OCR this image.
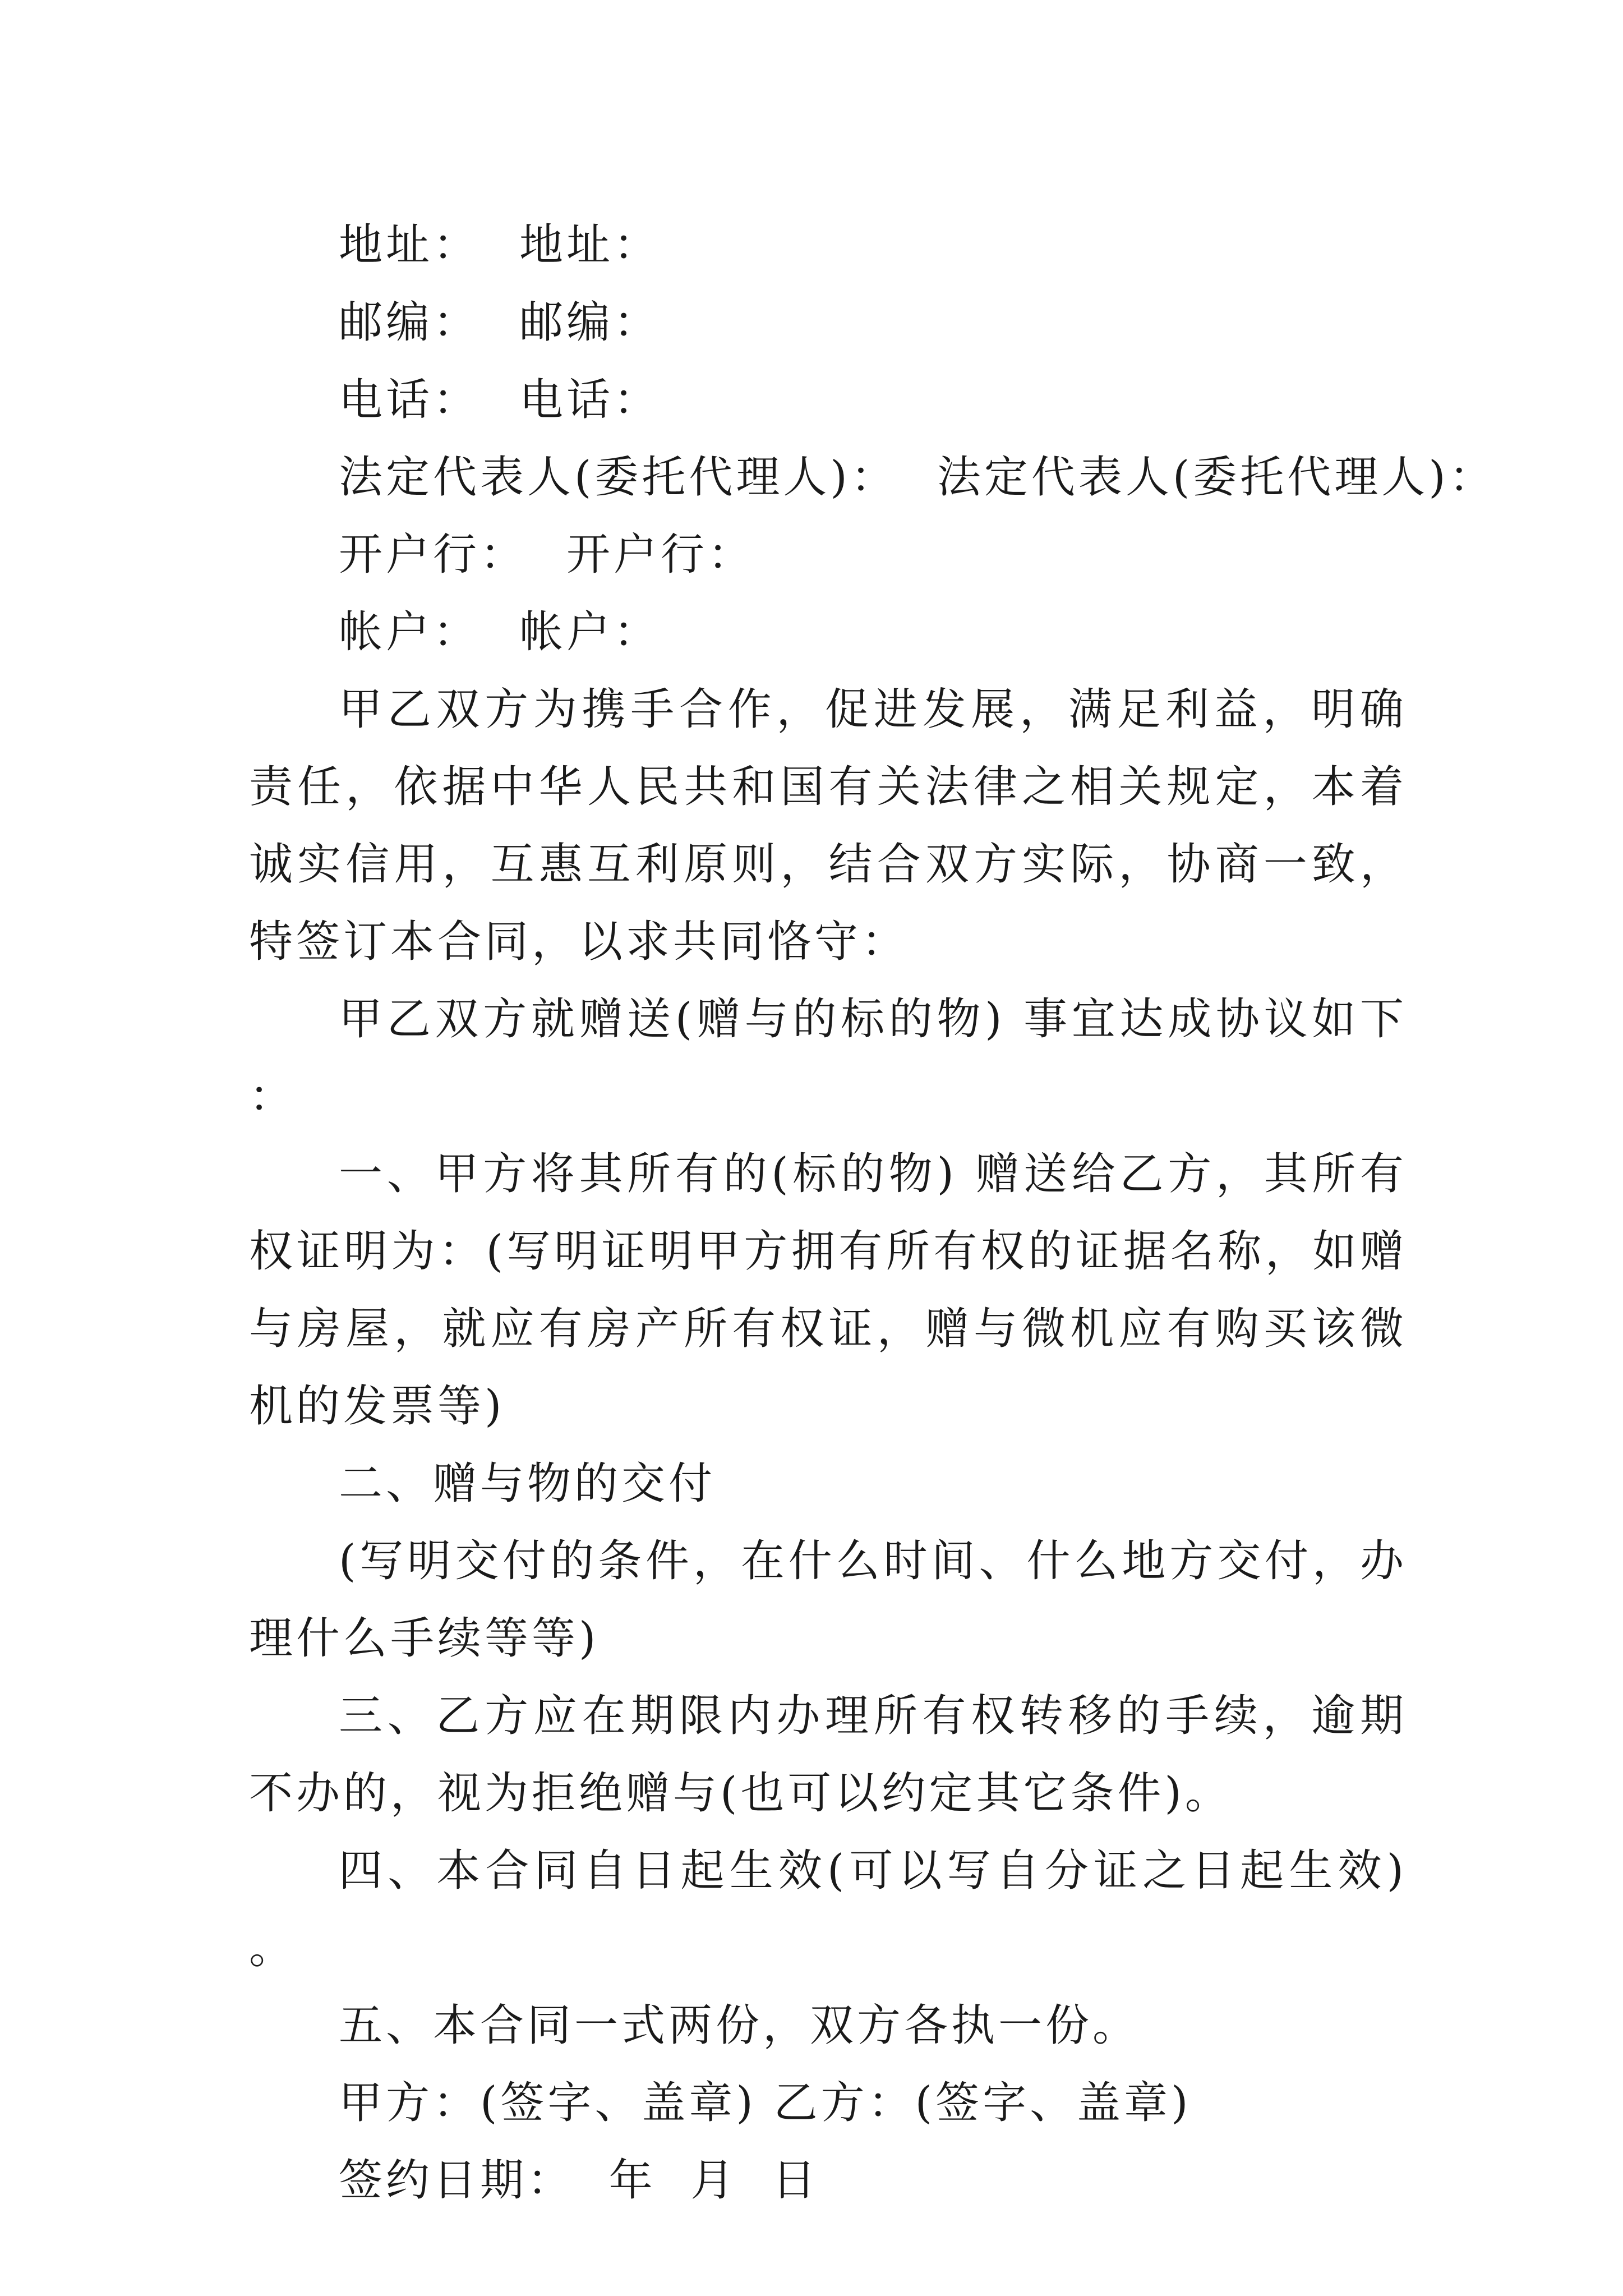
地址： 地址：
邮编： 邮编：
电话： 电话：
法定代表人(委托代理人)： 法定代表人(委托代理人)：
开户行： 开户行：
帐户： 帐户：
甲乙双方为携手合作，促进发展，满足利益，明确责任，依据中华人民共和国有关法律之相关规定，本着诚实信用，互惠互利原则，结合双方实际，协商一致，特签订本合同，以求共同恪守：
甲乙双方就赠送(赠与的标的物) 事宜达成协议如下：
一、甲方将其所有的(标的物) 赠送给乙方，其所有权证明为：(写明证明甲方拥有所有权的证据名称，如赠与房屋，就应有房产所有权证，赠与微机应有购买该微机的发票等)
二、赠与物的交付
(写明交付的条件，在什么时间、什么地方交付，办理什么手续等等)
三、乙方应在期限内办理所有权转移的手续，逾期不办的，视为拒绝赠与(也可以约定其它条件)。
四、本合同自日起生效(可以写自分证之日起生效)。
五、本合同一式两份，双方各执一份。
甲方：(签字、盖章) 乙方：(签字、盖章)
签约日期：  年  月  日
